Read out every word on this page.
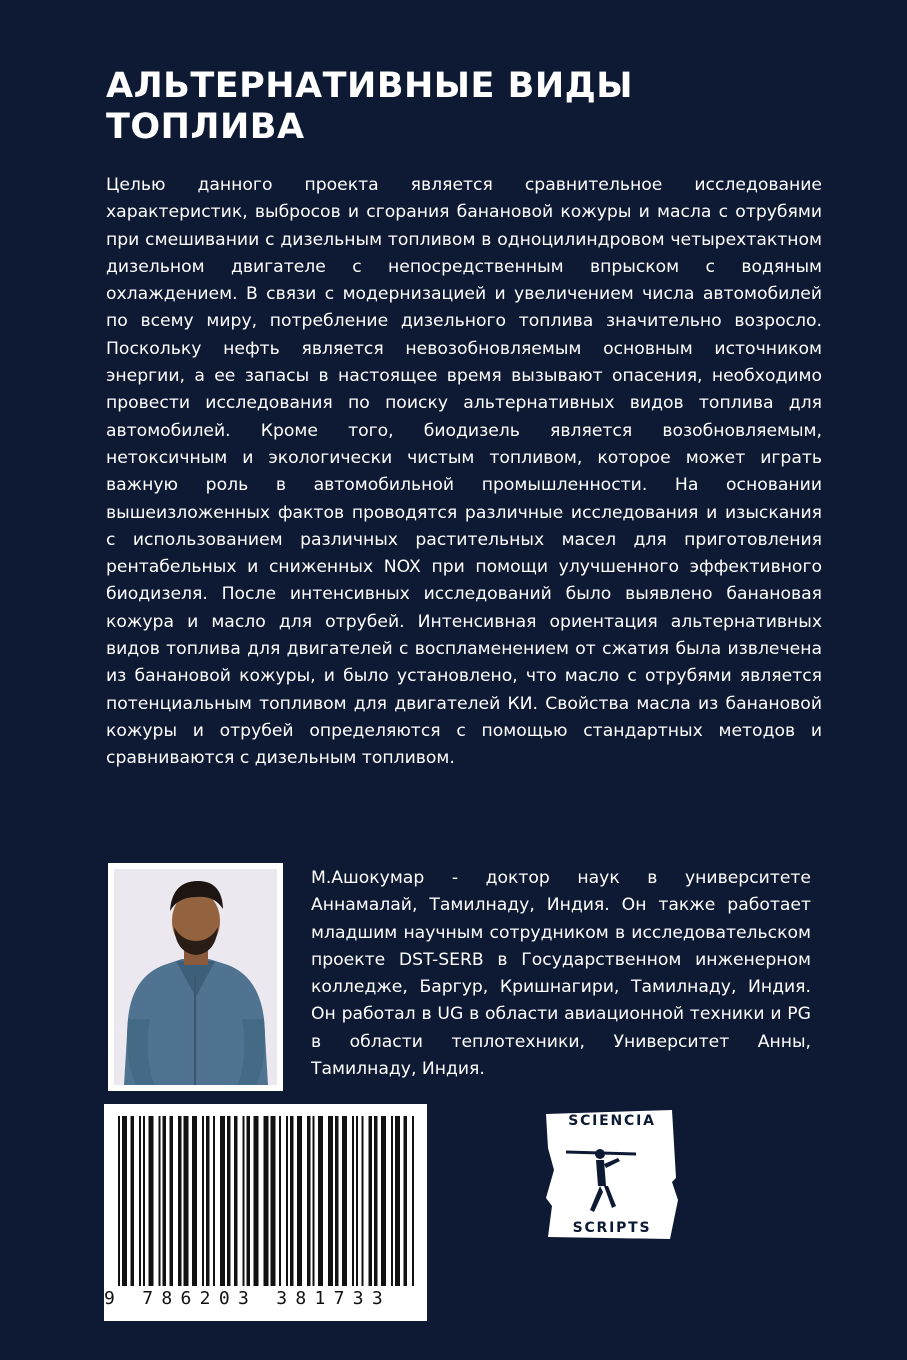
АЛЬТЕРНАТИВНЫЕ ВИДЫ ТОПЛИВА

Целью данного проекта является сравнительное исследование характеристик, выбросов и сгорания банановой кожуры и масла с отрубями при смешивании с дизельным топливом в одноцилиндровом четырехтактном дизельном двигателе с непосредственным впрыском с водяным охлаждением. В связи с модернизацией и увеличением числа автомобилей по всему миру, потребление дизельного топлива значительно возросло. Поскольку нефть является невозобновляемым основным источником энергии, а ее запасы в настоящее время вызывают опасения, необходимо провести исследования по поиску альтернативных видов топлива для автомобилей. Кроме того, биодизель является возобновляемым, нетоксичным и экологически чистым топливом, которое может играть важную роль в автомобильной промышленности. На основании вышеизложенных фактов проводятся различные исследования и изыскания с использованием различных растительных масел для приготовления рентабельных и сниженных NOX при помощи улучшенного эффективного биодизеля. После интенсивных исследований было выявлено банановая кожура и масло для отрубей. Интенсивная ориентация альтернативных видов топлива для двигателей с воспламенением от сжатия была извлечена из банановой кожуры, и было установлено, что масло с отрубями является потенциальным топливом для двигателей КИ. Свойства масла из банановой кожуры и отрубей определяются с помощью стандартных методов и сравниваются с дизельным топливом.

М.Ашокумар - доктор наук в университете Аннамалай, Тамилнаду, Индия. Он также работает младшим научным сотрудником в исследовательском проекте DST-SERB в Государственном инженерном колледже, Баргур, Кришнагири, Тамилнаду, Индия. Он работал в UG в области авиационной техники и PG в области теплотехники, Университет Анны, Тамилнаду, Индия.

9 786203 381733
SCIENCIA
SCRIPTS
